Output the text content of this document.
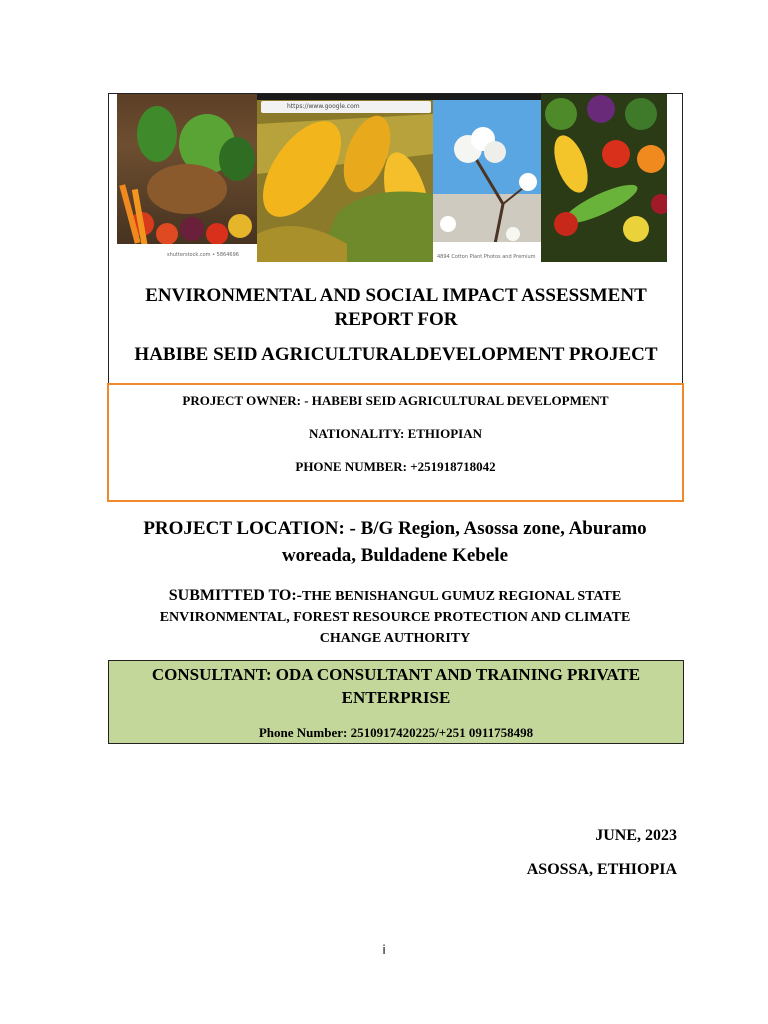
shutterstock.com • 5864696	4894 Cotton Plant Photos and Premium
https://www.google.com
ENVIRONMENTAL AND SOCIAL IMPACT ASSESSMENT
REPORT FOR
HABIBE SEID AGRICULTURALDEVELOPMENT PROJECT
PROJECT OWNER: - HABEBI SEID AGRICULTURAL DEVELOPMENT
NATIONALITY: ETHIOPIAN
PHONE NUMBER: +251918718042
PROJECT LOCATION: - B/G Region, Asossa zone, Aburamo
woreada, Buldadene Kebele
SUBMITTED TO:-THE BENISHANGUL GUMUZ REGIONAL STATE
ENVIRONMENTAL, FOREST RESOURCE PROTECTION AND CLIMATE
CHANGE AUTHORITY
CONSULTANT: ODA CONSULTANT AND TRAINING PRIVATE
ENTERPRISE
Phone Number: 2510917420225/+251 0911758498
JUNE, 2023
ASOSSA, ETHIOPIA
i
